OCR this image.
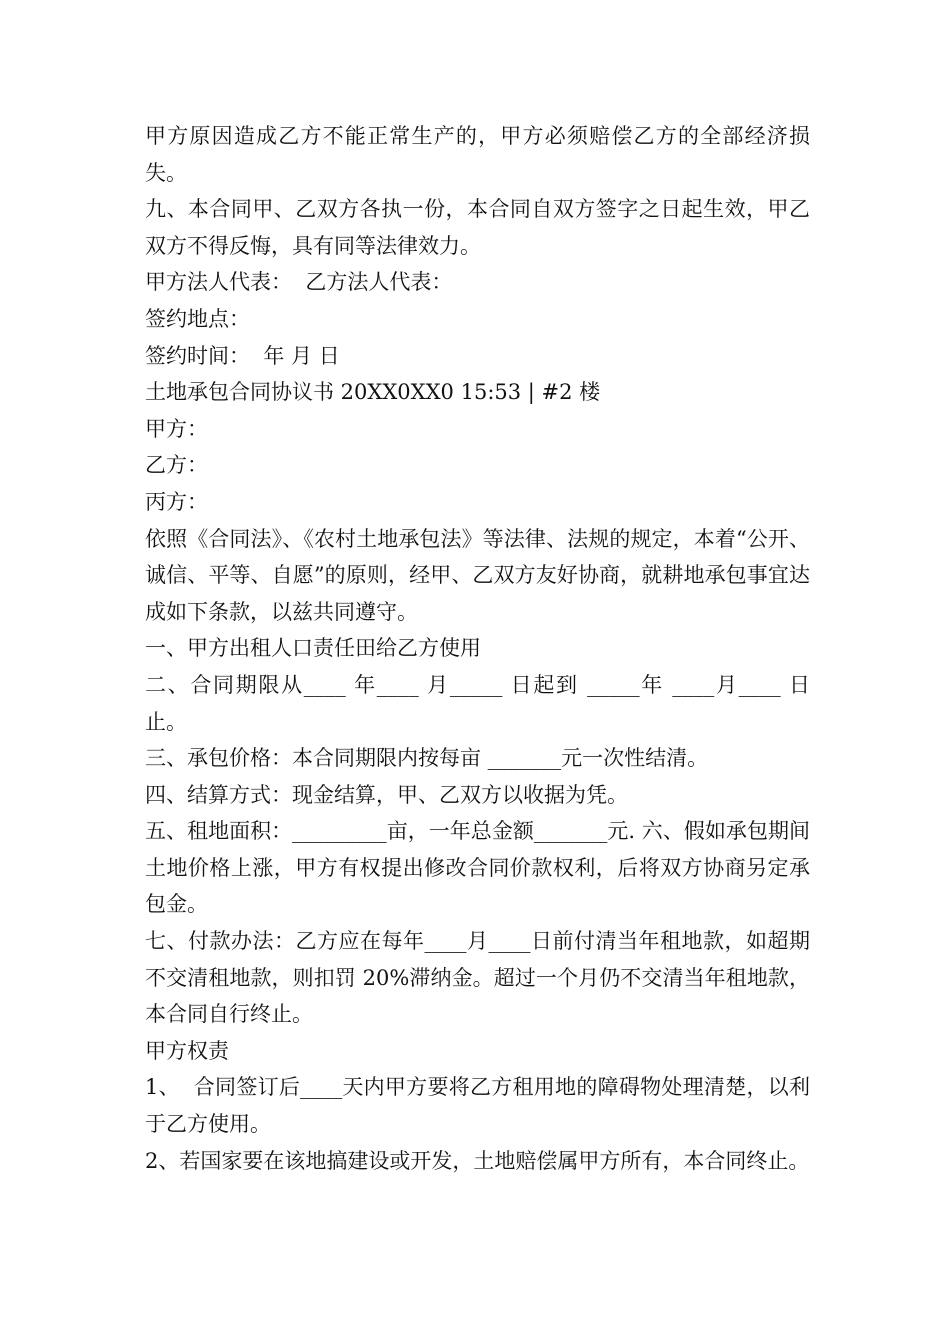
甲方原因造成乙方不能正常生产的，甲方必须赔偿乙方的全部经济损失。

九、本合同甲、乙双方各执一份，本合同自双方签字之日起生效，甲乙双方不得反悔，具有同等法律效力。

甲方法人代表：  乙方法人代表：

签约地点：

签约时间：  年 月 日

土地承包合同协议书 20XX0XX0 15:53 | #2 楼

甲方：

乙方：

丙方：

依照《合同法》、《农村土地承包法》等法律、法规的规定，本着“公开、诚信、平等、自愿”的原则，经甲、乙双方友好协商，就耕地承包事宜达成如下条款，以兹共同遵守。

一、甲方出租人口责任田给乙方使用

二、合同期限从____ 年____ 月_____ 日起到 _____年 ____月____ 日止。

三、承包价格：本合同期限内按每亩 _______元一次性结清。

四、结算方式：现金结算，甲、乙双方以收据为凭。

五、租地面积：_________亩，一年总金额_______元. 六、假如承包期间土地价格上涨，甲方有权提出修改合同价款权利，后将双方协商另定承包金。

七、付款办法：乙方应在每年____月____日前付清当年租地款，如超期不交清租地款，则扣罚 20%滞纳金。超过一个月仍不交清当年租地款，本合同自行终止。

甲方权责

1、  合同签订后____天内甲方要将乙方租用地的障碍物处理清楚，以利于乙方使用。

2、若国家要在该地搞建设或开发，土地赔偿属甲方所有，本合同终止。
